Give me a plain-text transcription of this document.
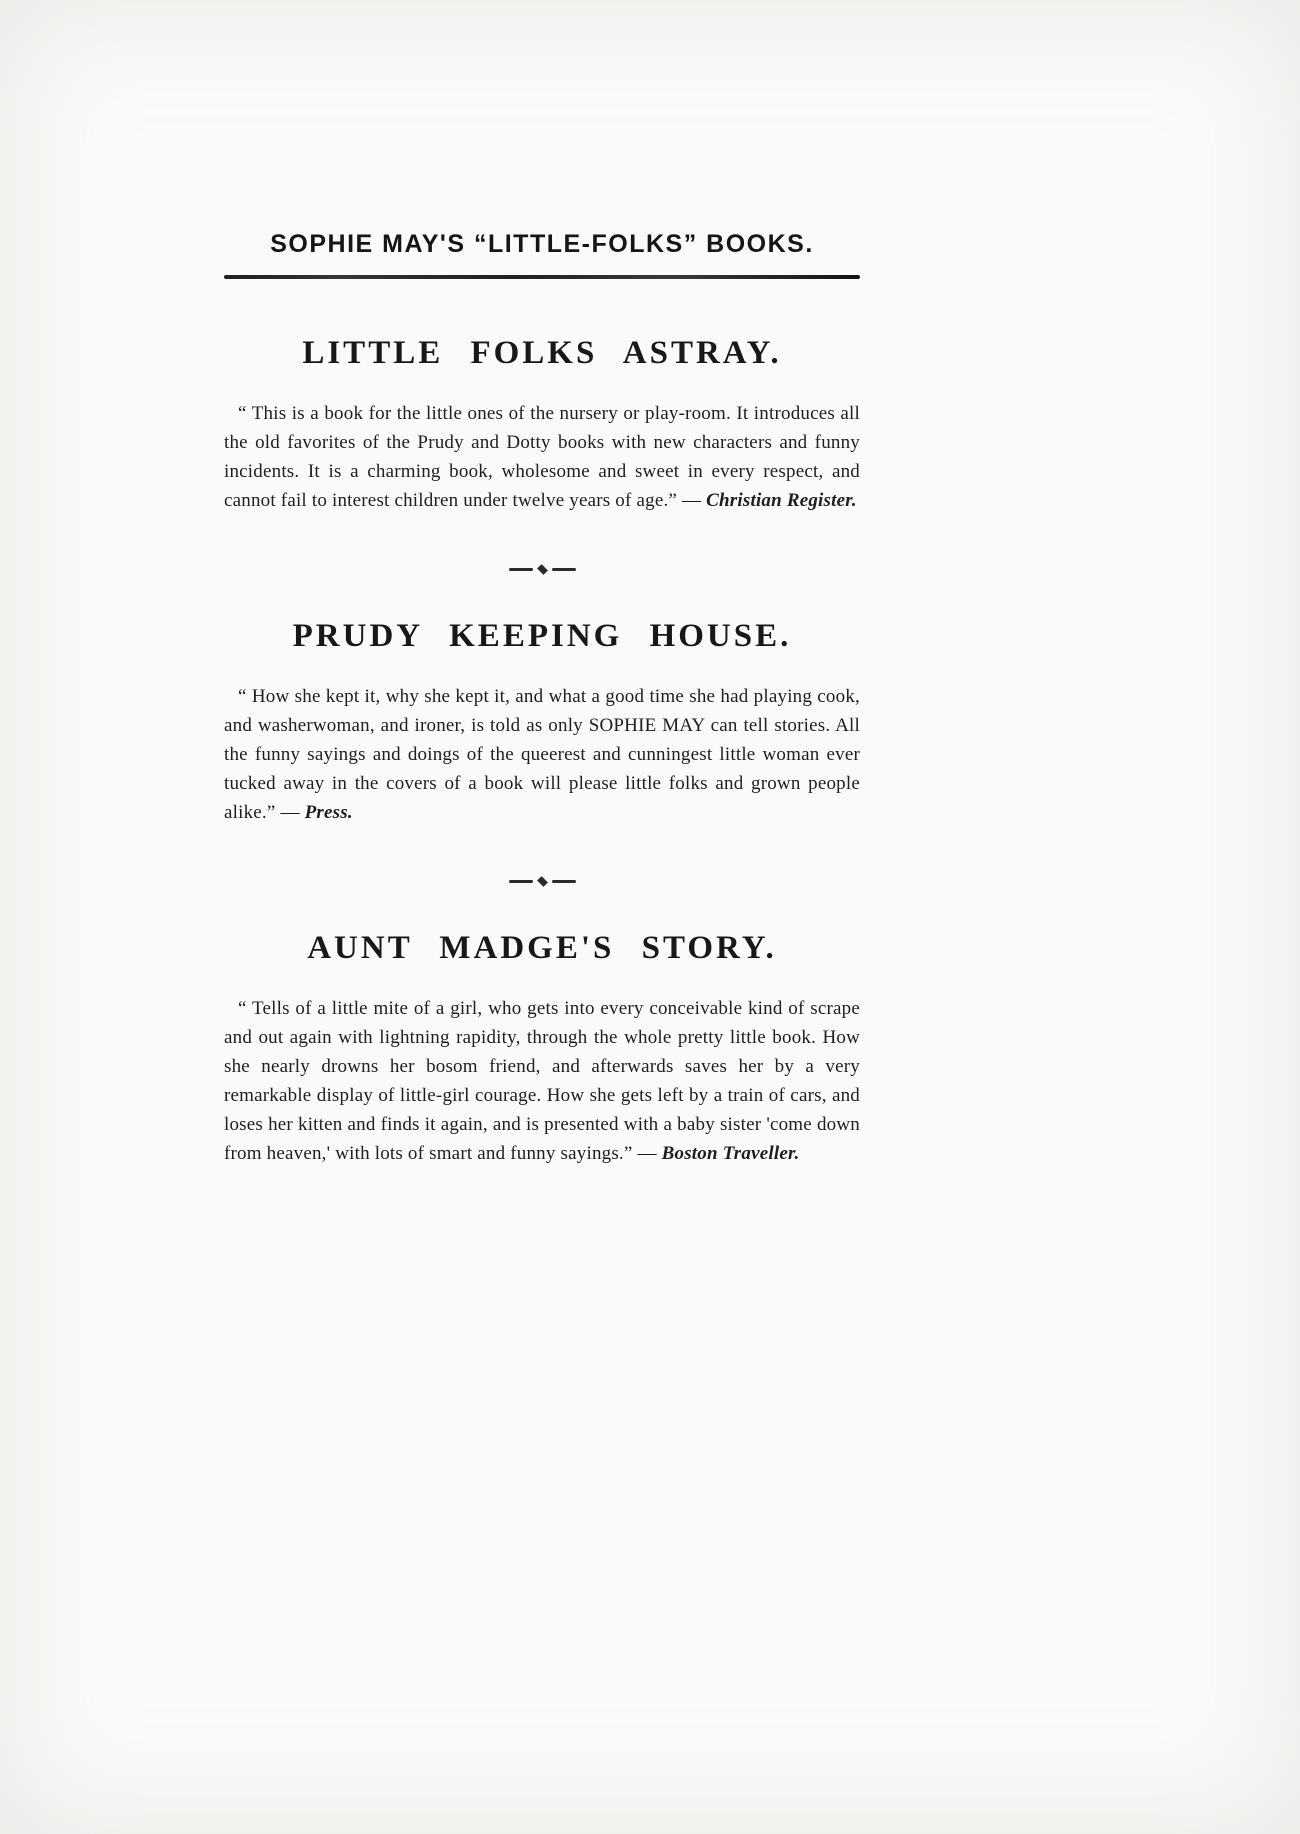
SOPHIE MAY'S “LITTLE-FOLKS” BOOKS.
LITTLE FOLKS ASTRAY.

“ This is a book for the little ones of the nursery or play-room. It introduces all the old favorites of the Prudy and Dotty books with new characters and funny incidents. It is a charming book, wholesome and sweet in every respect, and cannot fail to interest children under twelve years of age.” — Christian Register.

PRUDY KEEPING HOUSE.

“ How she kept it, why she kept it, and what a good time she had playing cook, and washerwoman, and ironer, is told as only SOPHIE MAY can tell stories. All the funny sayings and doings of the queerest and cunningest little woman ever tucked away in the covers of a book will please little folks and grown people alike.” — Press.

AUNT MADGE'S STORY.

“ Tells of a little mite of a girl, who gets into every conceivable kind of scrape and out again with lightning rapidity, through the whole pretty little book. How she nearly drowns her bosom friend, and afterwards saves her by a very remarkable display of little-girl courage. How she gets left by a train of cars, and loses her kitten and finds it again, and is presented with a baby sister 'come down from heaven,' with lots of smart and funny sayings.” — Boston Traveller.
